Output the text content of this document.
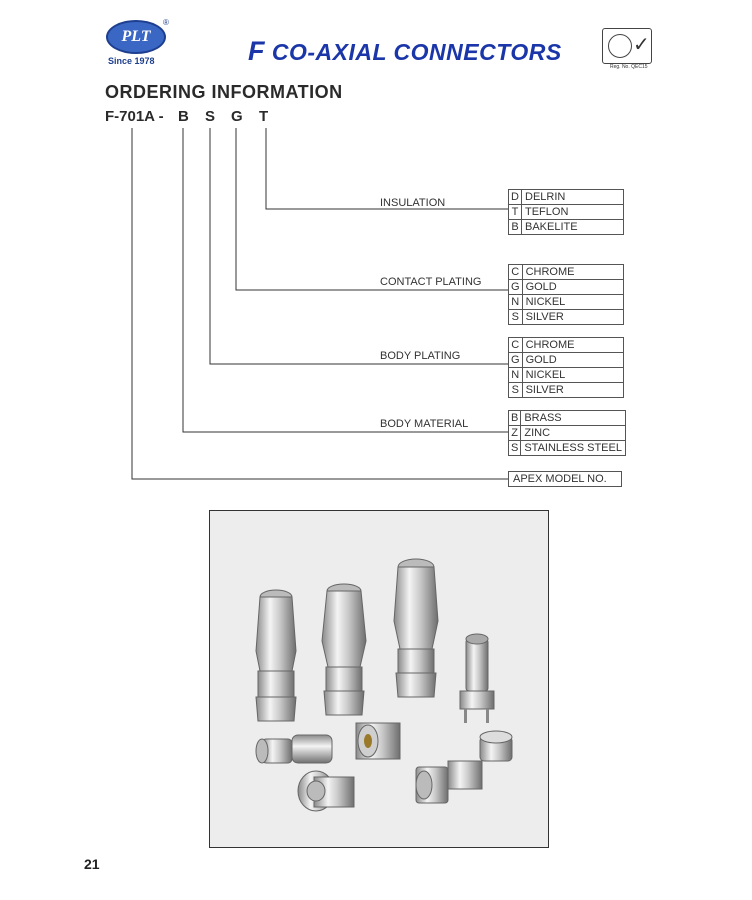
PLT
®
Since 1978	F CO-AXIAL CONNECTORS	✓
Reg. No. QEC15
ORDERING INFORMATION
F-701A - B S G T
INSULATION
CONTACT PLATING
BODY PLATING
BODY MATERIAL
D	DELRIN
T	TEFLON
B	BAKELITE
C	CHROME
G	GOLD
N	NICKEL
S	SILVER
C	CHROME
G	GOLD
N	NICKEL
S	SILVER
B	BRASS
Z	ZINC
S	STAINLESS STEEL
APEX MODEL NO.
21
